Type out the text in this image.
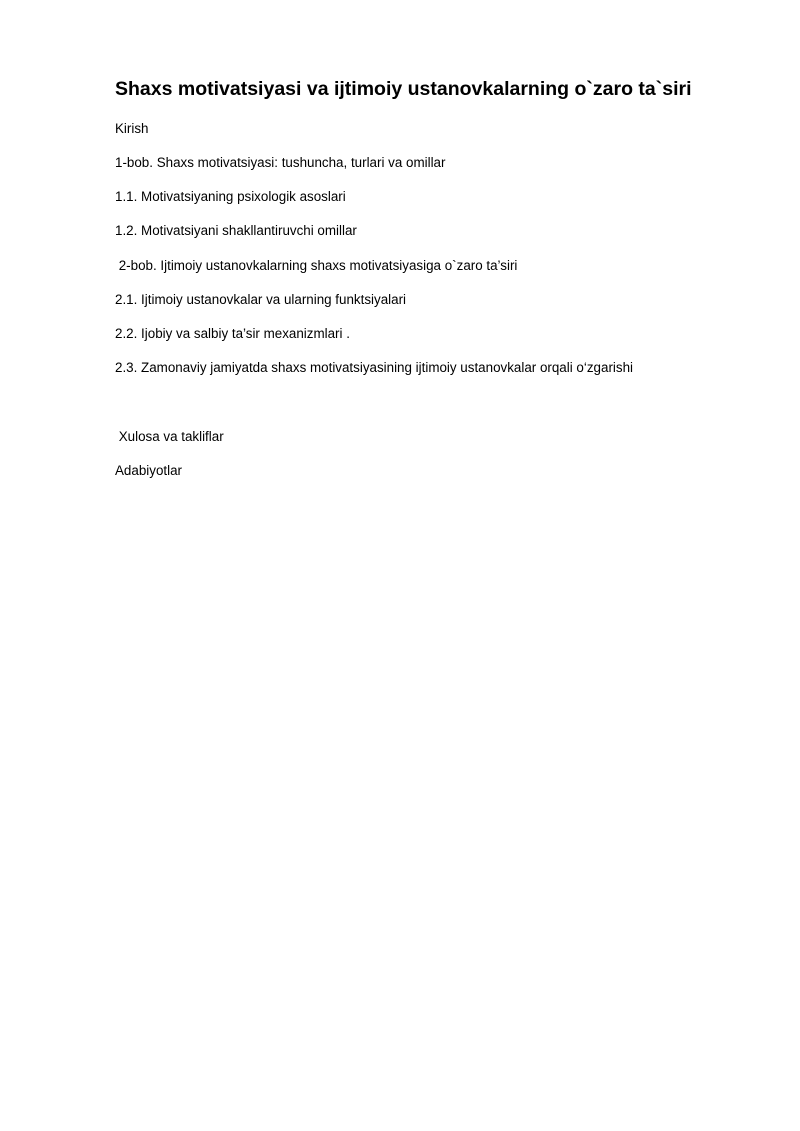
Shaxs motivatsiyasi va ijtimoiy ustanovkalarning o`zaro ta`siri
Kirish
1-bob. Shaxs motivatsiyasi: tushuncha, turlari va omillar
1.1. Motivatsiyaning psixologik asoslari
1.2. Motivatsiyani shakllantiruvchi omillar
2-bob. Ijtimoiy ustanovkalarning shaxs motivatsiyasiga o`zaro ta’siri
2.1. Ijtimoiy ustanovkalar va ularning funktsiyalari
2.2. Ijobiy va salbiy ta’sir mexanizmlari .
2.3. Zamonaviy jamiyatda shaxs motivatsiyasining ijtimoiy ustanovkalar orqali o‘zgarishi
Xulosa va takliflar
Adabiyotlar
